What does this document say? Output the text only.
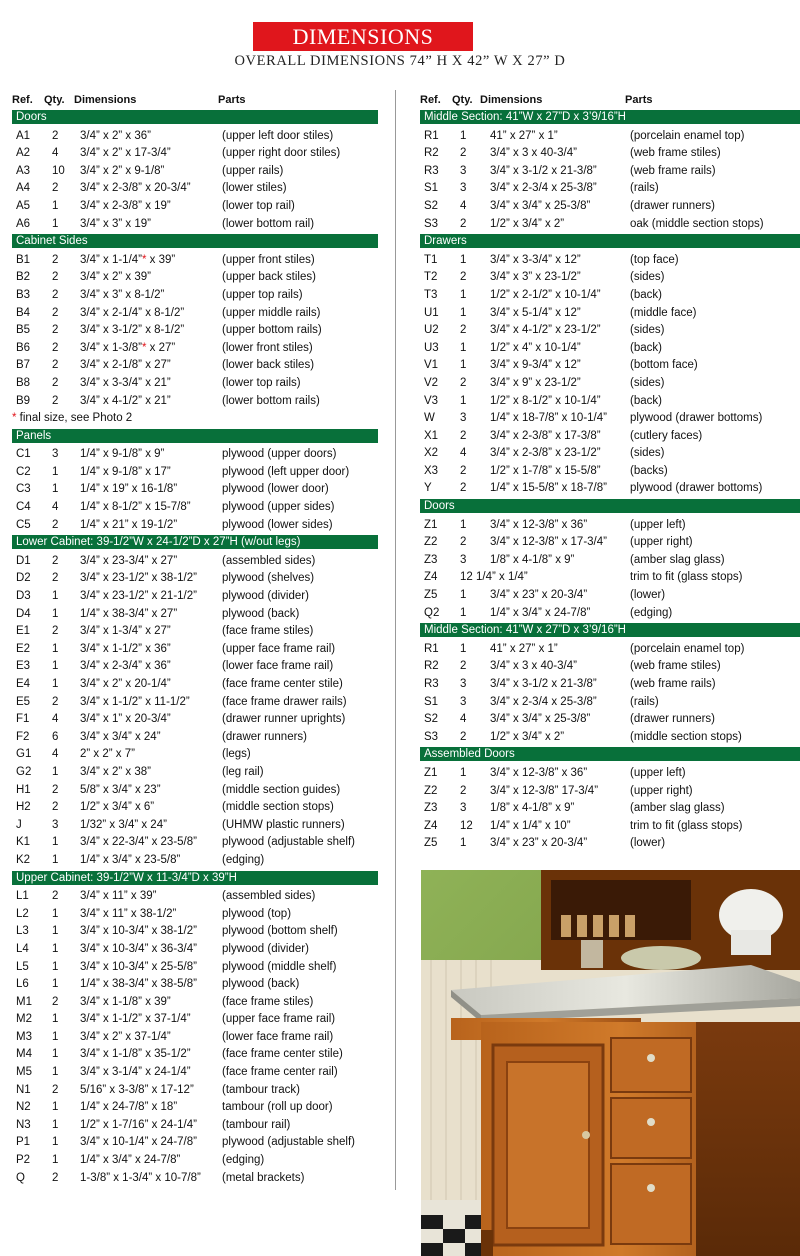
DIMENSIONS
OVERALL DIMENSIONS 74” H X 42” W X 27” D
Ref. Qty. Dimensions	Parts
Doors
A1 2 3/4” x 2” x 36”	(upper left door stiles)
A2 4 3/4” x 2” x 17-3/4”	(upper right door stiles)
A3 10 3/4” x 2” x 9-1/8”	(upper rails)
A4 2 3/4” x 2-3/8” x 20-3/4”	(lower stiles)
A5 1 3/4” x 2-3/8” x 19”	(lower top rail)
A6 1 3/4” x 3” x 19”	(lower bottom rail)
Cabinet Sides
B1 2 3/4” x 1-1/4”* x 39”	(upper front stiles)
B2 2 3/4” x 2” x 39”	(upper back stiles)
B3 2 3/4” x 3” x 8-1/2”	(upper top rails)
B4 2 3/4” x 2-1/4” x 8-1/2”	(upper middle rails)
B5 2 3/4” x 3-1/2” x 8-1/2”	(upper bottom rails)
B6 2 3/4” x 1-3/8”* x 27”	(lower front stiles)
B7 2 3/4” x 2-1/8” x 27”	(lower back stiles)
B8 2 3/4” x 3-3/4” x 21”	(lower top rails)
B9 2 3/4” x 4-1/2” x 21”	(lower bottom rails)
* final size, see Photo 2
Panels
C1 3 1/4” x 9-1/8” x 9”	plywood (upper doors)
C2 1 1/4” x 9-1/8” x 17”	plywood (left upper door)
C3 1 1/4” x 19” x 16-1/8”	plywood (lower door)
C4 4 1/4” x 8-1/2” x 15-7/8”	plywood (upper sides)
C5 2 1/4” x 21” x 19-1/2”	plywood (lower sides)
Lower Cabinet: 39-1/2”W x 24-1/2”D x 27”H (w/out legs)
D1 2 3/4” x 23-3/4” x 27”	(assembled sides)
D2 2 3/4” x 23-1/2” x 38-1/2” plywood (shelves)
D3 1 3/4” x 23-1/2” x 21-1/2” plywood (divider)
D4 1 1/4” x 38-3/4” x 27”	plywood (back)
E1 2 3/4” x 1-3/4” x 27”	(face frame stiles)
E2 1 3/4” x 1-1/2” x 36”	(upper face frame rail)
E3 1 3/4” x 2-3/4” x 36”	(lower face frame rail)
E4 1 3/4” x 2” x 20-1/4”	(face frame center stile)
E5 2 3/4” x 1-1/2” x 11-1/2”	(face frame drawer rails)
F1 4 3/4” x 1” x 20-3/4”	(drawer runner uprights)
F2 6 3/4” x 3/4” x 24”	(drawer runners)
G1 4 2” x 2” x 7”	(legs)
G2 1 3/4” x 2” x 38”	(leg rail)
H1 2 5/8” x 3/4” x 23”	(middle section guides)
H2 2 1/2” x 3/4” x 6”	(middle section stops)
J	3 1/32” x 3/4” x 24”	(UHMW plastic runners)
K1 1 3/4” x 22-3/4” x 23-5/8” plywood (adjustable shelf)
K2 1 1/4” x 3/4” x 23-5/8”	(edging)
Upper Cabinet: 39-1/2”W x 11-3/4”D x 39”H
L1 2 3/4” x 11” x 39”	(assembled sides)
L2 1 3/4” x 11” x 38-1/2”	plywood (top)
L3 1 3/4” x 10-3/4” x 38-1/2” plywood (bottom shelf)
L4 1 3/4” x 10-3/4” x 36-3/4” plywood (divider)
L5 1 3/4” x 10-3/4” x 25-5/8” plywood (middle shelf)
L6 1 1/4” x 38-3/4” x 38-5/8” plywood (back)
M1 2 3/4” x 1-1/8” x 39”	(face frame stiles)
M2 1 3/4” x 1-1/2” x 37-1/4”	(upper face frame rail)
M3 1 3/4” x 2” x 37-1/4”	(lower face frame rail)
M4 1 3/4” x 1-1/8” x 35-1/2”	(face frame center stile)
M5 1 3/4” x 3-1/4” x 24-1/4”	(face frame center rail)
N1 2 5/16” x 3-3/8” x 17-12” (tambour track)
N2 1 1/4” x 24-7/8” x 18”	tambour (roll up door)
N3 1 1/2” x 1-7/16” x 24-1/4” (tambour rail)
P1 1 3/4” x 10-1/4” x 24-7/8” plywood (adjustable shelf)
P2 1 1/4” x 3/4” x 24-7/8”	(edging)
Q 2 1-3/8” x 1-3/4” x 10-7/8” (metal brackets)
Ref. Qty. Dimensions	Parts
Middle Section: 41”W x 27”D x 3’9/16”H
R1 1 41” x 27” x 1”	(porcelain enamel top)
R2 2 3/4” x 3 x 40-3/4”	(web frame stiles)
R3 3 3/4” x 3-1/2 x 21-3/8”	(web frame rails)
S1 3 3/4” x 2-3/4 x 25-3/8”	(rails)
S2 4 3/4” x 3/4” x 25-3/8”	(drawer runners)
S3 2 1/2” x 3/4” x 2”	oak (middle section stops)
Drawers
T1 1 3/4” x 3-3/4” x 12”	(top face)
T2 2 3/4” x 3” x 23-1/2”	(sides)
T3 1 1/2” x 2-1/2” x 10-1/4”	(back)
U1 1 3/4” x 5-1/4” x 12”	(middle face)
U2 2 3/4” x 4-1/2” x 23-1/2”	(sides)
U3 1 1/2” x 4” x 10-1/4”	(back)
V1 1 3/4” x 9-3/4” x 12”	(bottom face)
V2 2 3/4” x 9” x 23-1/2”	(sides)
V3 1 1/2” x 8-1/2” x 10-1/4”	(back)
W 3 1/4” x 18-7/8” x 10-1/4” plywood (drawer bottoms)
X1 2 3/4” x 2-3/8” x 17-3/8”	(cutlery faces)
X2 4 3/4” x 2-3/8” x 23-1/2”	(sides)
X3 2 1/2” x 1-7/8” x 15-5/8”	(backs)
Y 2 1/4” x 15-5/8” x 18-7/8” plywood (drawer bottoms)
Doors
Z1 1 3/4” x 12-3/8” x 36”	(upper left)
Z2 2 3/4” x 12-3/8” x 17-3/4” (upper right)
Z3 3 1/8” x 4-1/8” x 9”	(amber slag glass)
Z4 12 1/4” x 1/4”	trim to fit (glass stops)
Z5 1 3/4” x 23” x 20-3/4”	(lower)
Q2 1 1/4” x 3/4” x 24-7/8”	(edging)
Middle Section: 41”W x 27”D x 3’9/16”H
R1 1 41” x 27” x 1”	(porcelain enamel top)
R2 2 3/4” x 3 x 40-3/4”	(web frame stiles)
R3 3 3/4” x 3-1/2 x 21-3/8”	(web frame rails)
S1 3 3/4” x 2-3/4 x 25-3/8”	(rails)
S2 4 3/4” x 3/4” x 25-3/8”	(drawer runners)
S3 2 1/2” x 3/4” x 2”	(middle section stops)
Assembled Doors
Z1 1 3/4” x 12-3/8” x 36”	(upper left)
Z2 2 3/4” x 12-3/8” 17-3/4”	(upper right)
Z3 3 1/8” x 4-1/8” x 9”	(amber slag glass)
Z4 12 1/4” x 1/4” x 10”	trim to fit (glass stops)
Z5 1 3/4” x 23” x 20-3/4”	(lower)
